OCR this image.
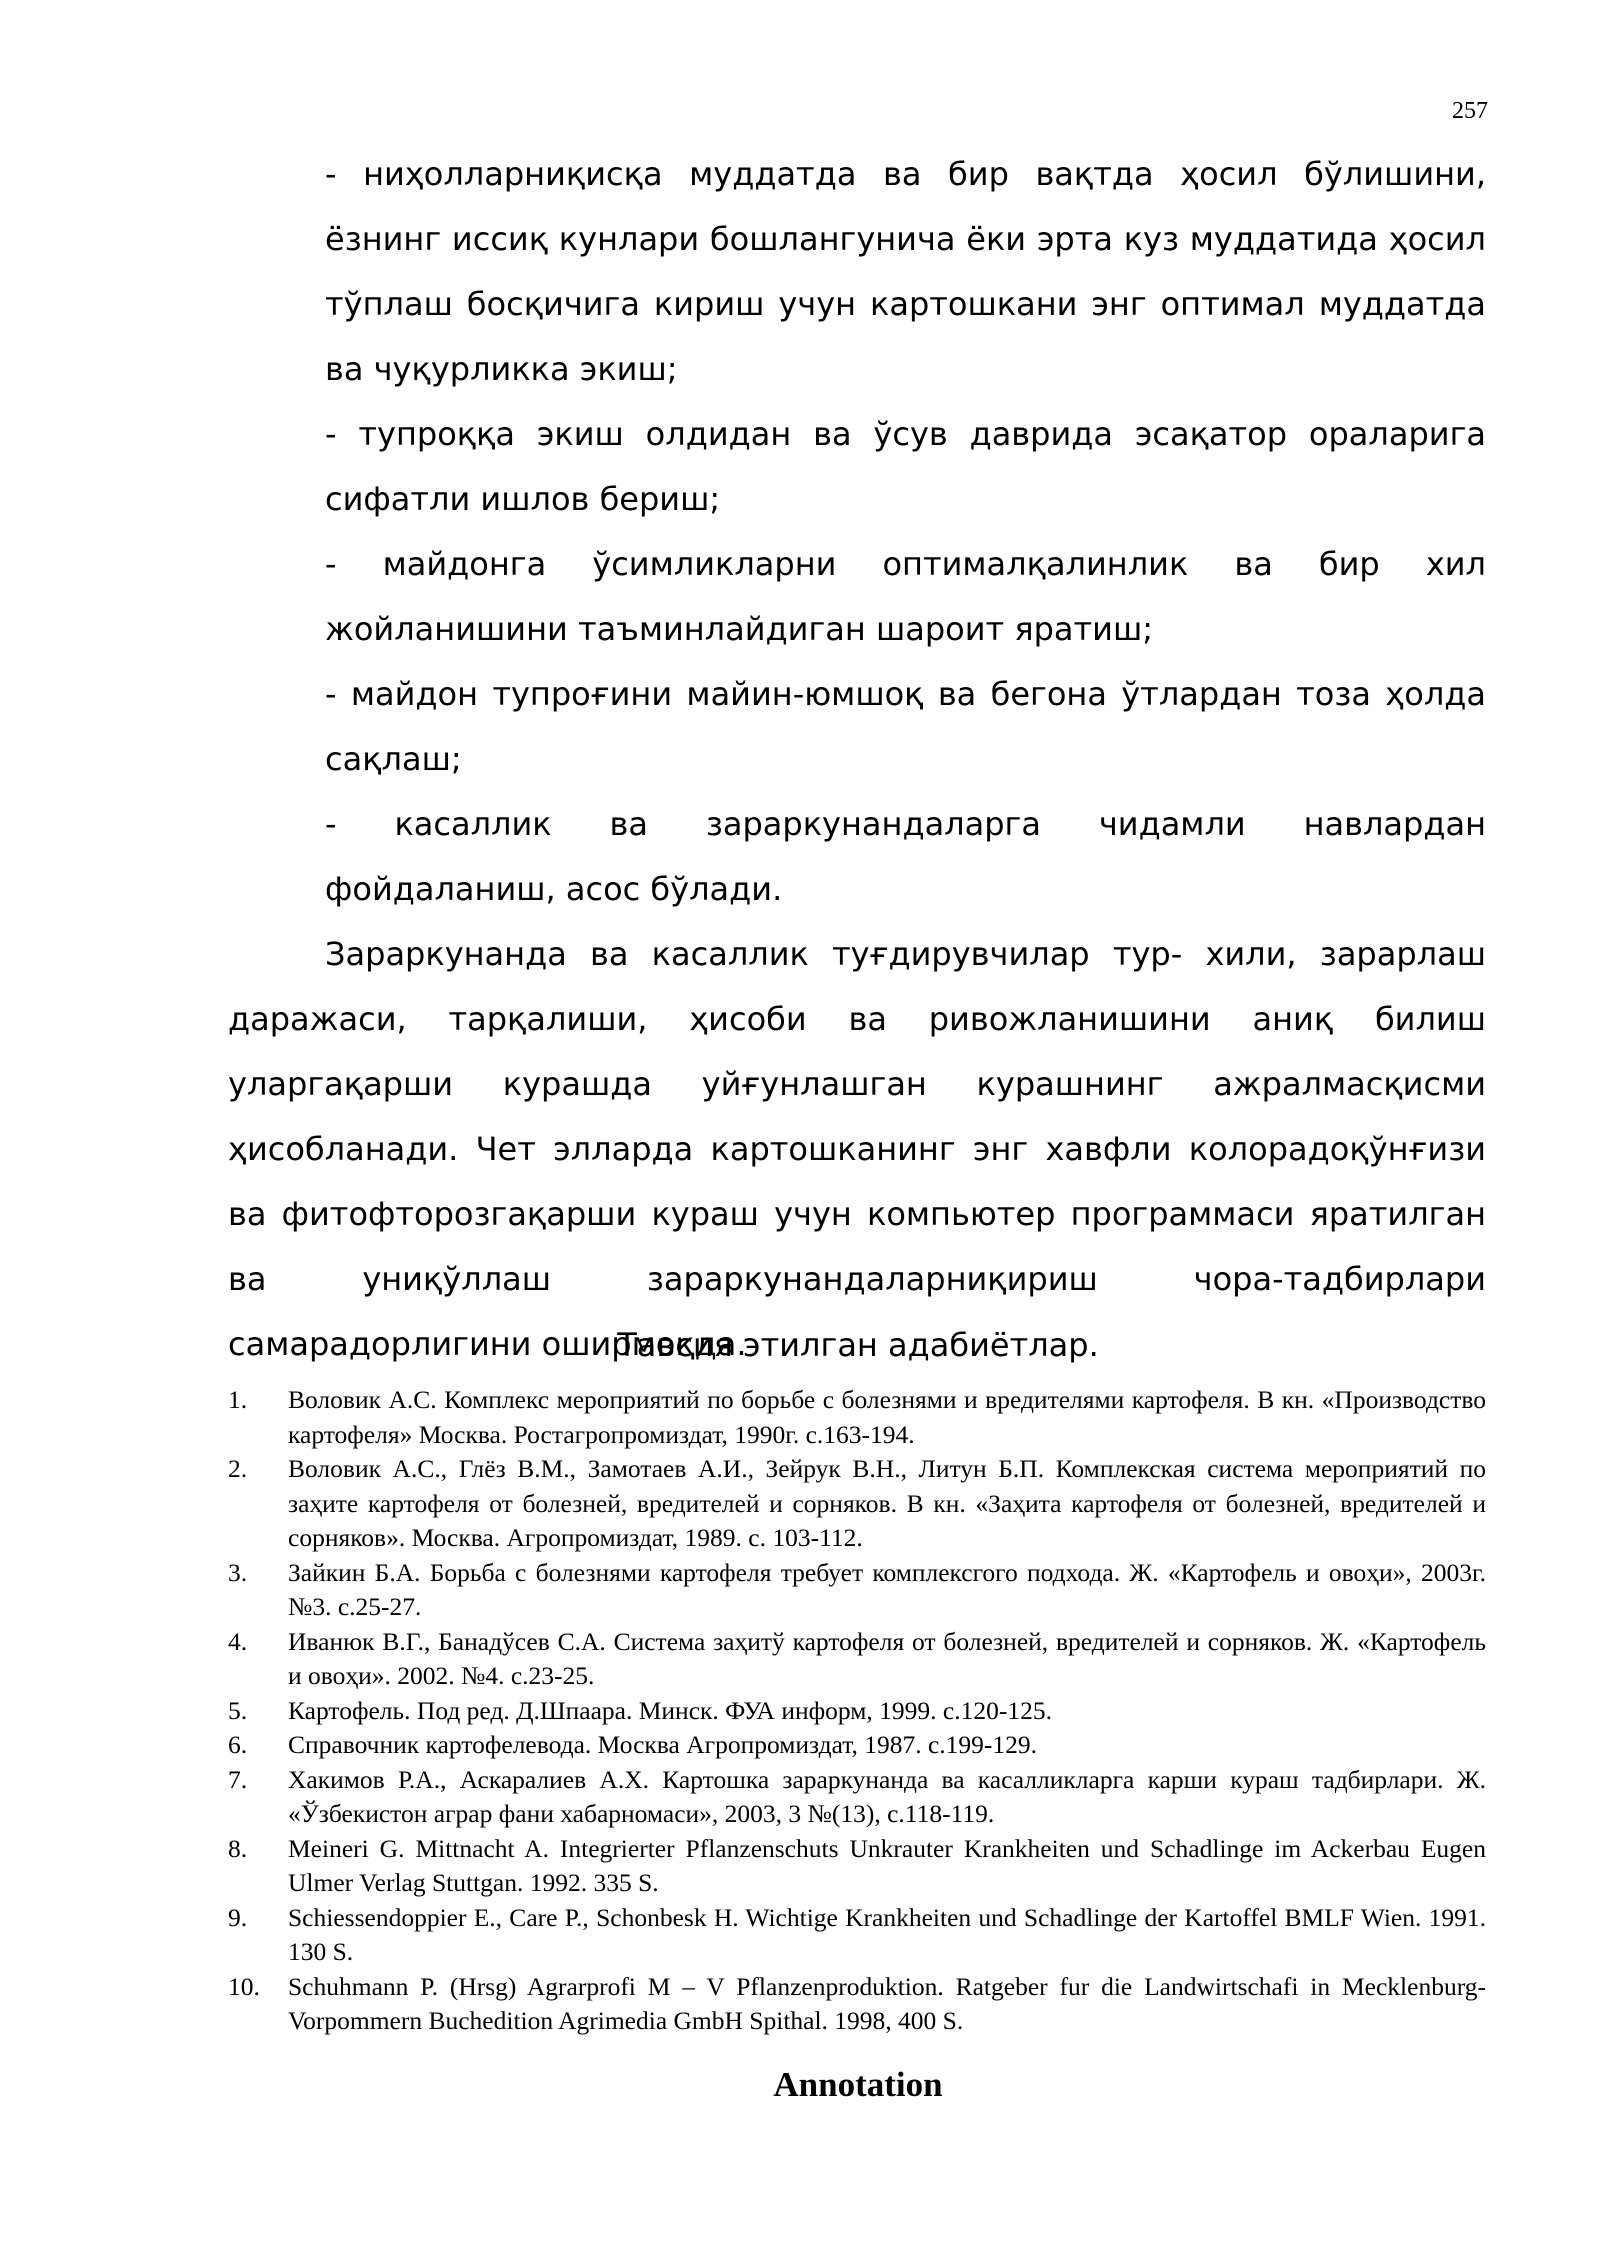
257

- ниҳолларниқисқа муддатда ва бир вақтда ҳосил бўлишини, ёзнинг иссиқ кунлари бошлангунича ёки эрта куз муддатида ҳосил тўплаш босқичига кириш учун картошкани энг оптимал муддатда ва чуқурликка экиш;

- тупроққа экиш олдидан ва ўсув даврида эсақатор ораларига сифатли ишлов бериш;

- майдонга ўсимликларни оптималқалинлик ва бир хил жойланишини таъминлайдиган шароит яратиш;

- майдон тупроғини майин-юмшоқ ва бегона ўтлардан тоза ҳолда сақлаш;

- касаллик ва зараркунандаларга чидамли навлардан фойдаланиш, асос бўлади.

Зараркунанда ва касаллик туғдирувчилар тур- хили, зарарлаш даражаси, тарқалиши, ҳисоби ва ривожланишини аниқ билиш уларгақарши курашда уйғунлашган курашнинг ажралмасқисми ҳисобланади. Чет элларда картошканинг энг хавфли колорадоқўнғизи ва фитофторозгақарши кураш учун компьютер программаси яратилган ва униқўллаш зараркунандаларниқириш чора-тадбирлари самарадорлигини оширмоқда.

Тавсия этилган адабиётлар.
1.	Воловик А.С. Комплекс мероприятий по борьбе с болезнями и вредителями картофеля. В кн. «Производство картофеля» Москва. Ростагропромиздат, 1990г. с.163-194.
2.	Воловик А.С., Глёз В.М., Замотаев А.И., Зейрук В.Н., Литун Б.П. Комплекская система мероприятий по заҳите картофеля от болезней, вредителей и сорняков. В кн. «Заҳита картофеля от болезней, вредителей и сорняков». Москва. Агропромиздат, 1989. с. 103-112.
3.	Зайкин Б.А. Борьба с болезнями картофеля требует комплексгого подхода. Ж. «Картофель и овоҳи», 2003г. №3. с.25-27.
4.	Иванюк В.Г., Банадўсев С.А. Система заҳитў картофеля от болезней, вредителей и сорняков. Ж. «Картофель и овоҳи». 2002. №4. с.23-25.
5.	Картофель. Под ред. Д.Шпаара. Минск. ФУА информ, 1999. с.120-125.
6.	Справочник картофелевода. Москва Агропромиздат, 1987. с.199-129.
7.	Хакимов Р.А., Аскаралиев А.Х. Картошка зараркунанда ва касалликларга карши кураш тадбирлари. Ж. «Ўзбекистон аграр фани хабарномаси», 2003, 3 №(13), с.118-119.
8.	Meineri G. Mittnacht A. Integrierter Pflanzenschuts Unkrauter Krankheiten und Schadlinge im Ackerbau Eugen Ulmer Verlag Stuttgan. 1992. 335 S.
9.	Schiessendoppier E., Care P., Schonbesk H. Wichtige Krankheiten und Schadlinge der Kartoffel BMLF Wien. 1991. 130 S.
10.	Schuhmann P. (Hrsg) Agrarprofi M – V Pflanzenproduktion. Ratgeber fur die Landwirtschafi in Mecklenburg-Vorpommern Buchedition Agrimedia GmbH Spithal. 1998, 400 S.
Annotation
